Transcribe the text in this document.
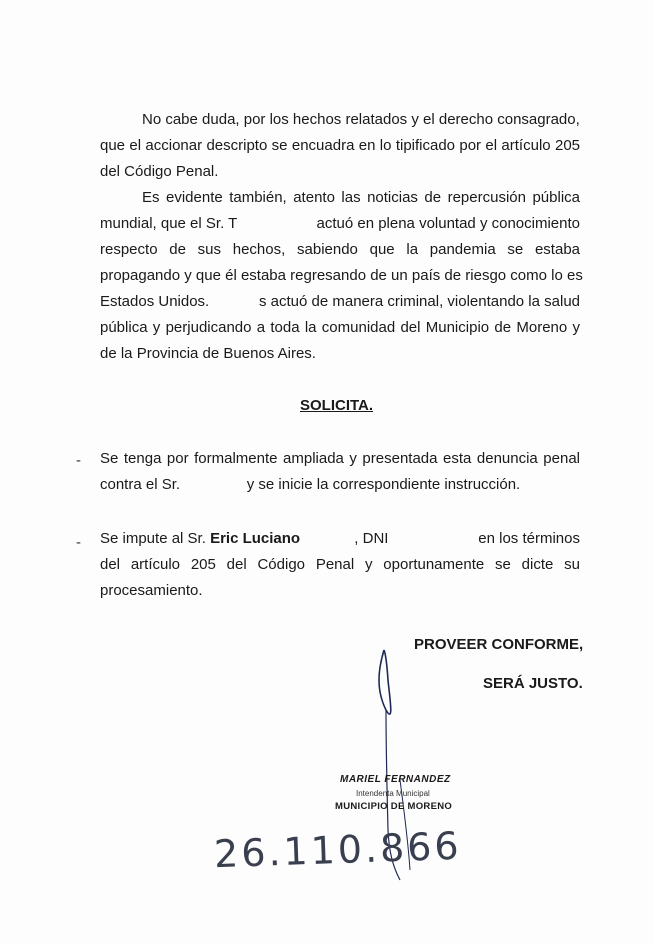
No cabe duda, por los hechos relatados y el derecho consagrado,
que el accionar descripto se encuadra en lo tipificado por el artículo 205
del Código Penal.
Es evidente también, atento las noticias de repercusión pública
mundial, que el Sr. T	actuó en plena voluntad y conocimiento
respecto de sus hechos, sabiendo que la pandemia se estaba
propagando y que él estaba regresando de un país de riesgo como lo es
Estados Unidos.	s actuó de manera criminal, violentando la salud
pública y perjudicando a toda la comunidad del Municipio de Moreno y
de la Provincia de Buenos Aires.
SOLICITA.
- Se tenga por formalmente ampliada y presentada esta denuncia penal
contra el Sr.	y se inicie la correspondiente instrucción.
- Se impute al Sr. Eric Luciano	, DNI	en los términos
del artículo 205 del Código Penal y oportunamente se dicte su
procesamiento.
PROVEER CONFORME,
SERÁ JUSTO.
MARIEL FERNANDEZ
Intendenta Municipal
MUNICIPIO DE MORENO
26.110.866
